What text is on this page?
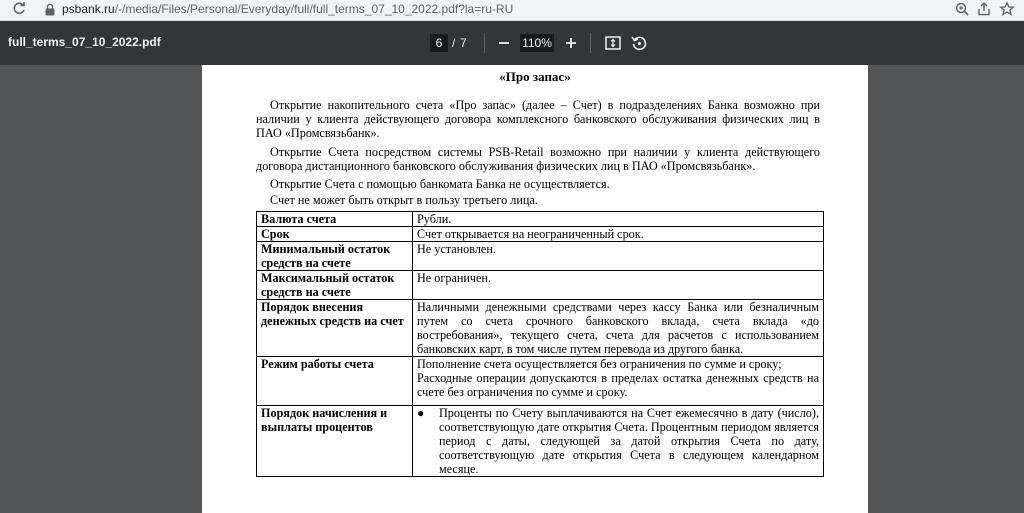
psbank.ru/-/media/Files/Personal/Everyday/full/full_terms_07_10_2022.pdf?la=ru-RU
full_terms_07_10_2022.pdf	6 / 7	110%
«Про запас»

Открытие накопительного счета «Про запас» (далее – Счет) в подразделениях Банка возможно при наличии у клиента действующего договора комплексного банковского обслуживания физических лиц в ПАО «Промсвязьбанк».

Открытие Счета посредством системы PSB-Retail возможно при наличии у клиента действующего договора дистанционного банковского обслуживания физических лиц в ПАО «Промсвязьбанк».

Открытие Счета с помощью банкомата Банка не осуществляется.

Счет не может быть открыт в пользу третьего лица.

Валюта счета	Рубли.
Срок	Счет открывается на неограниченный срок.
Минимальный остаток средств на счете	Не установлен.
Максимальный остаток средств на счете	Не ограничен.
Порядок внесения денежных средств на счет	Наличными денежными средствами через кассу Банка или безналичным путем со счета срочного банковского вклада, счета вклада «до востребования», текущего счета, счета для расчетов с использованием банковских карт, в том числе путем перевода из другого банка.
Режим работы счета	Пополнение счета осуществляется без ограничения по сумме и сроку;
Расходные операции допускаются в пределах остатка денежных средств на счете без ограничения по сумме и сроку.

Порядок начисления и выплаты процентов	● Проценты по Счету выплачиваются на Счет ежемесячно в дату (число), соответствующую дате открытия Счета. Процентным периодом является период с даты, следующей за датой открытия Счета по дату, соответствующую дате открытия Счета в следующем календарном месяце.
